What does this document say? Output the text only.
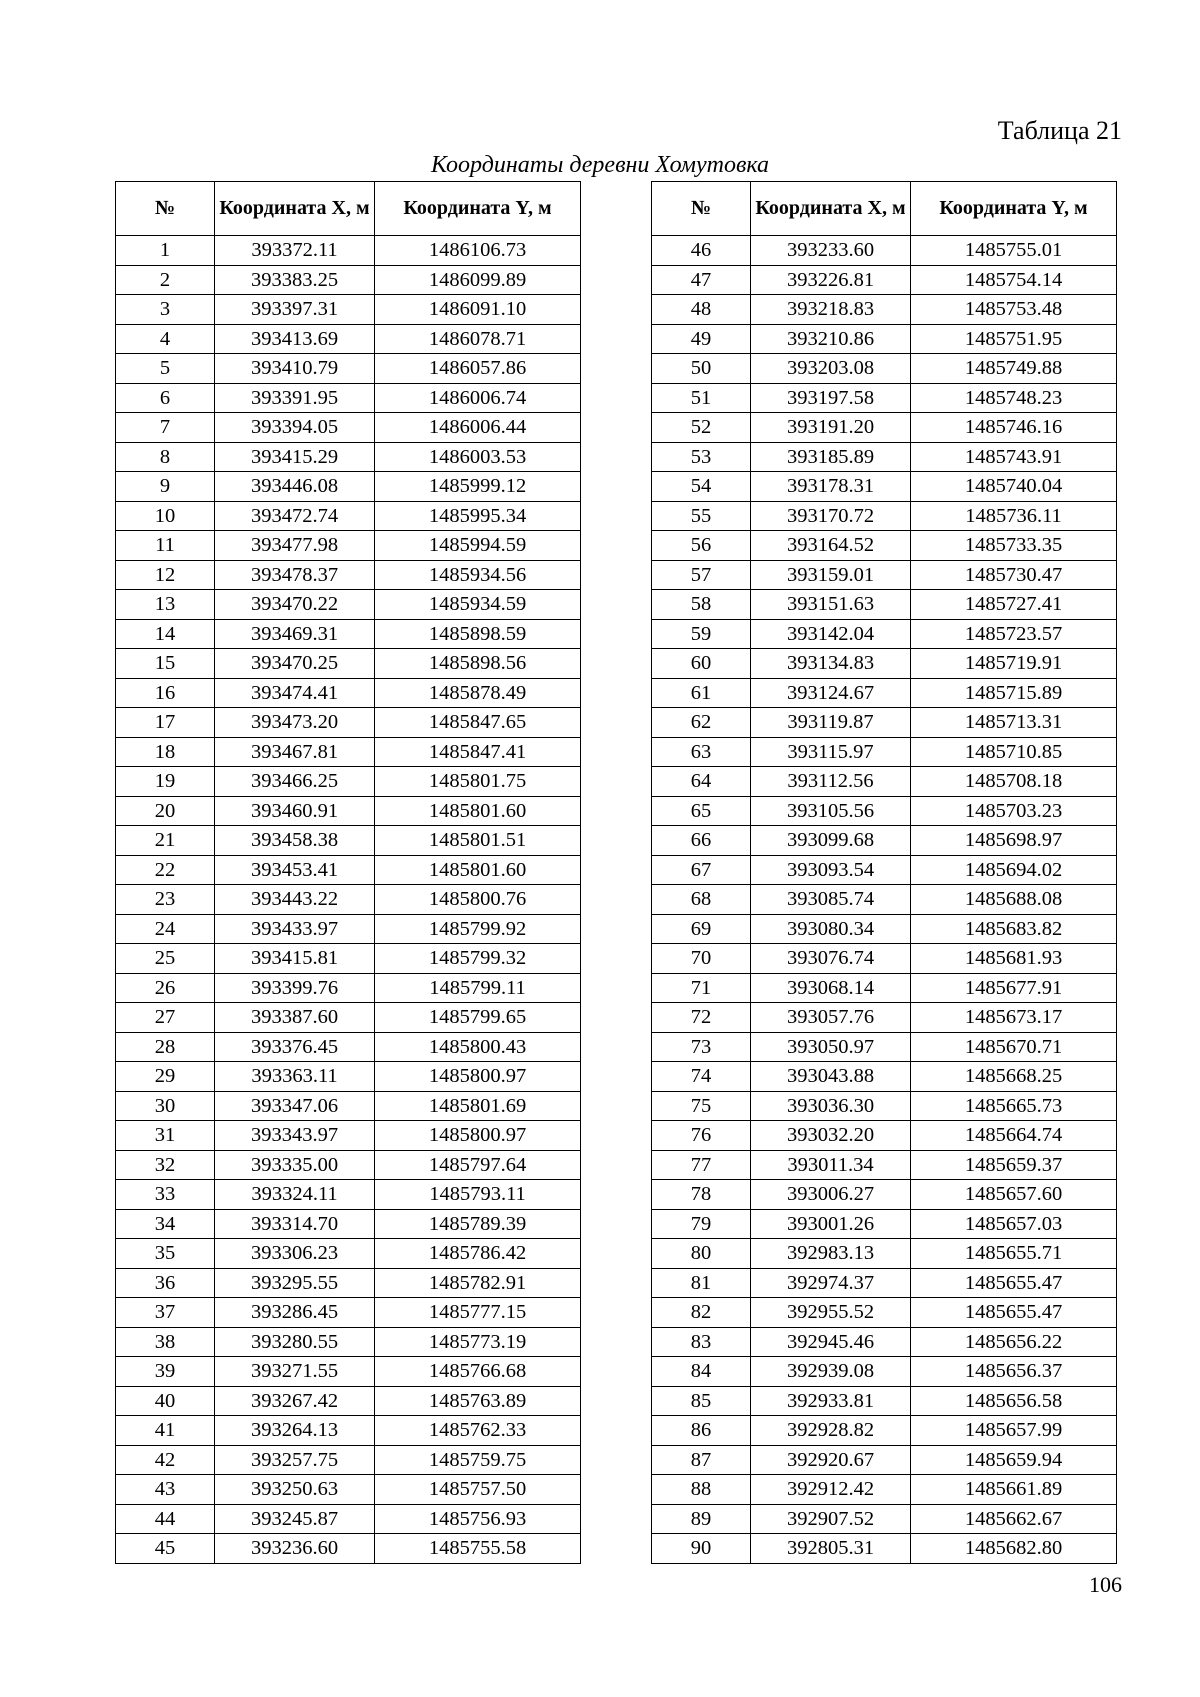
Таблица 21
Координаты деревни Хомутовка
№	Координата X, м	Координата Y, м
1	393372.11	1486106.73
2	393383.25	1486099.89
3	393397.31	1486091.10
4	393413.69	1486078.71
5	393410.79	1486057.86
6	393391.95	1486006.74
7	393394.05	1486006.44
8	393415.29	1486003.53
9	393446.08	1485999.12
10	393472.74	1485995.34
11	393477.98	1485994.59
12	393478.37	1485934.56
13	393470.22	1485934.59
14	393469.31	1485898.59
15	393470.25	1485898.56
16	393474.41	1485878.49
17	393473.20	1485847.65
18	393467.81	1485847.41
19	393466.25	1485801.75
20	393460.91	1485801.60
21	393458.38	1485801.51
22	393453.41	1485801.60
23	393443.22	1485800.76
24	393433.97	1485799.92
25	393415.81	1485799.32
26	393399.76	1485799.11
27	393387.60	1485799.65
28	393376.45	1485800.43
29	393363.11	1485800.97
30	393347.06	1485801.69
31	393343.97	1485800.97
32	393335.00	1485797.64
33	393324.11	1485793.11
34	393314.70	1485789.39
35	393306.23	1485786.42
36	393295.55	1485782.91
37	393286.45	1485777.15
38	393280.55	1485773.19
39	393271.55	1485766.68
40	393267.42	1485763.89
41	393264.13	1485762.33
42	393257.75	1485759.75
43	393250.63	1485757.50
44	393245.87	1485756.93
45	393236.60	1485755.58
№	Координата X, м	Координата Y, м
46	393233.60	1485755.01
47	393226.81	1485754.14
48	393218.83	1485753.48
49	393210.86	1485751.95
50	393203.08	1485749.88
51	393197.58	1485748.23
52	393191.20	1485746.16
53	393185.89	1485743.91
54	393178.31	1485740.04
55	393170.72	1485736.11
56	393164.52	1485733.35
57	393159.01	1485730.47
58	393151.63	1485727.41
59	393142.04	1485723.57
60	393134.83	1485719.91
61	393124.67	1485715.89
62	393119.87	1485713.31
63	393115.97	1485710.85
64	393112.56	1485708.18
65	393105.56	1485703.23
66	393099.68	1485698.97
67	393093.54	1485694.02
68	393085.74	1485688.08
69	393080.34	1485683.82
70	393076.74	1485681.93
71	393068.14	1485677.91
72	393057.76	1485673.17
73	393050.97	1485670.71
74	393043.88	1485668.25
75	393036.30	1485665.73
76	393032.20	1485664.74
77	393011.34	1485659.37
78	393006.27	1485657.60
79	393001.26	1485657.03
80	392983.13	1485655.71
81	392974.37	1485655.47
82	392955.52	1485655.47
83	392945.46	1485656.22
84	392939.08	1485656.37
85	392933.81	1485656.58
86	392928.82	1485657.99
87	392920.67	1485659.94
88	392912.42	1485661.89
89	392907.52	1485662.67
90	392805.31	1485682.80
106
